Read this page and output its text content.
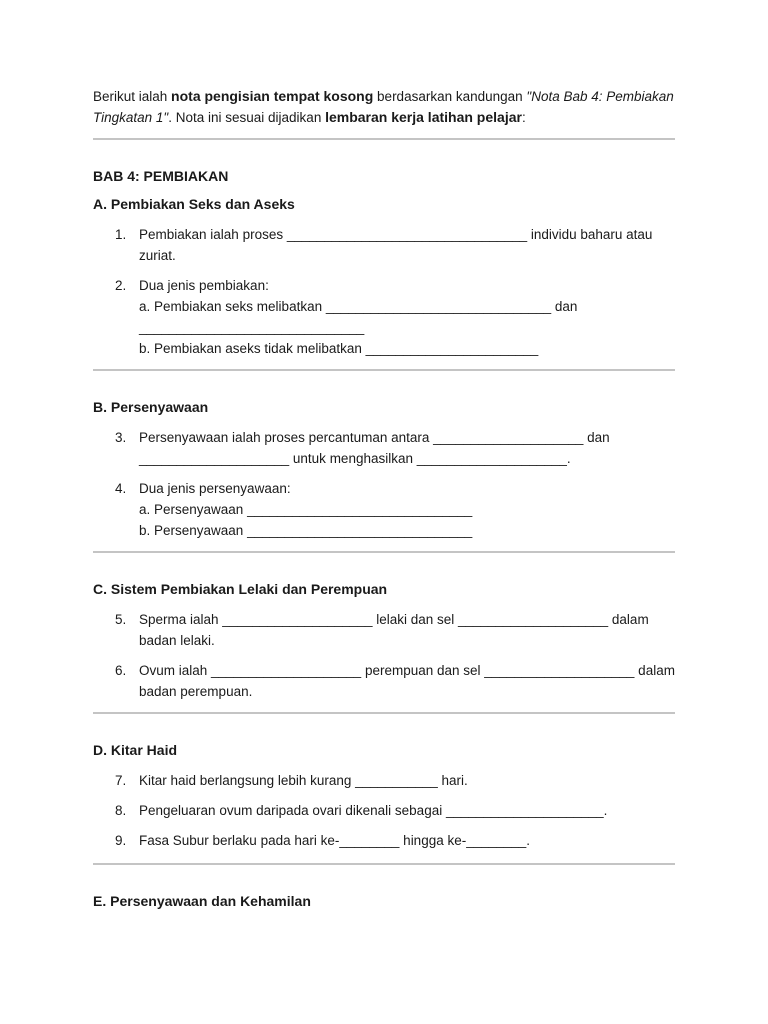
Berikut ialah nota pengisian tempat kosong berdasarkan kandungan "Nota Bab 4: Pembiakan Tingkatan 1". Nota ini sesuai dijadikan lembaran kerja latihan pelajar:

BAB 4: PEMBIAKAN

A. Pembiakan Seks dan Aseks

1. Pembiakan ialah proses ________________________________ individu baharu atau zuriat.
2. Dua jenis pembiakan:
a. Pembiakan seks melibatkan ______________________________ dan ______________________________
b. Pembiakan aseks tidak melibatkan _______________________

B. Persenyawaan

3. Persenyawaan ialah proses percantuman antara ____________________ dan ____________________ untuk menghasilkan ____________________.
4. Dua jenis persenyawaan:
a. Persenyawaan ______________________________
b. Persenyawaan ______________________________

C. Sistem Pembiakan Lelaki dan Perempuan

5. Sperma ialah ____________________ lelaki dan sel ____________________ dalam badan lelaki.
6. Ovum ialah ____________________ perempuan dan sel ____________________ dalam badan perempuan.

D. Kitar Haid

7. Kitar haid berlangsung lebih kurang ___________ hari.
8. Pengeluaran ovum daripada ovari dikenali sebagai _____________________.
9. Fasa Subur berlaku pada hari ke-________ hingga ke-________.

E. Persenyawaan dan Kehamilan
